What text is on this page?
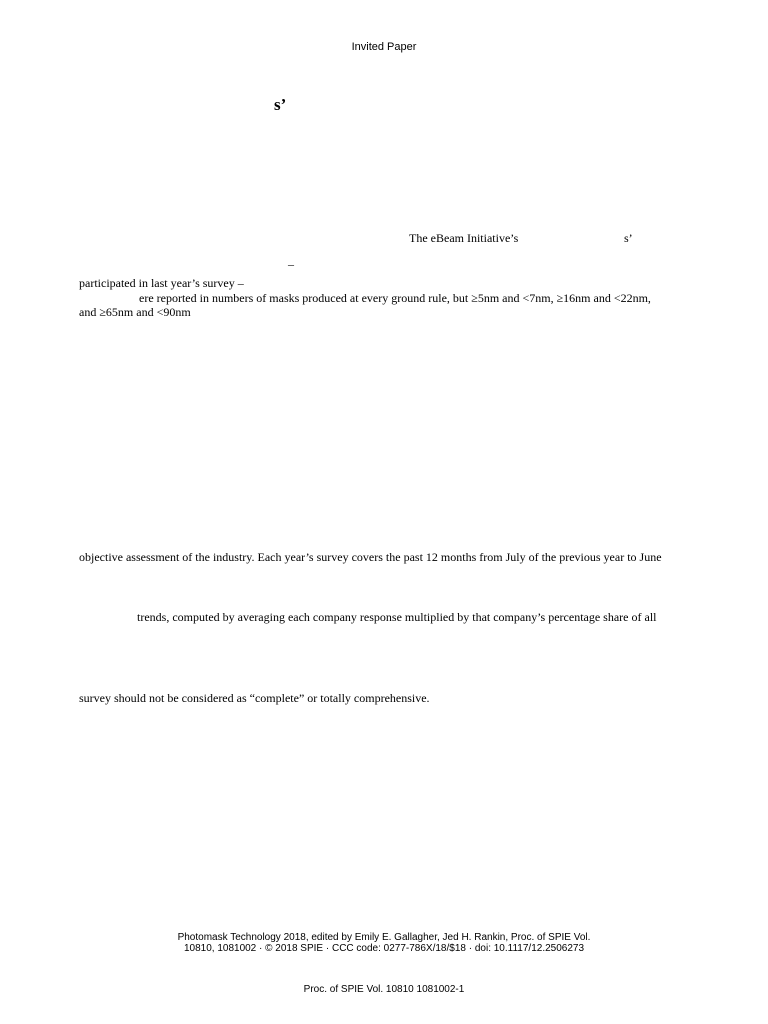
Invited Paper
s’
The eBeam Initiative’s	s’
–
participated in last year’s survey –
ere reported in numbers of masks produced at every ground rule, but ≥5nm and <7nm, ≥16nm and <22nm,
and ≥65nm and <90nm
objective assessment of the industry. Each year’s survey covers the past 12 months from July of the previous year to June
trends, computed by averaging each company response multiplied by that company’s percentage share of all
survey should not be considered as “complete” or totally comprehensive.
Photomask Technology 2018, edited by Emily E. Gallagher, Jed H. Rankin, Proc. of SPIE Vol.
10810, 1081002 · © 2018 SPIE · CCC code: 0277-786X/18/$18 · doi: 10.1117/12.2506273
Proc. of SPIE Vol. 10810 1081002-1
